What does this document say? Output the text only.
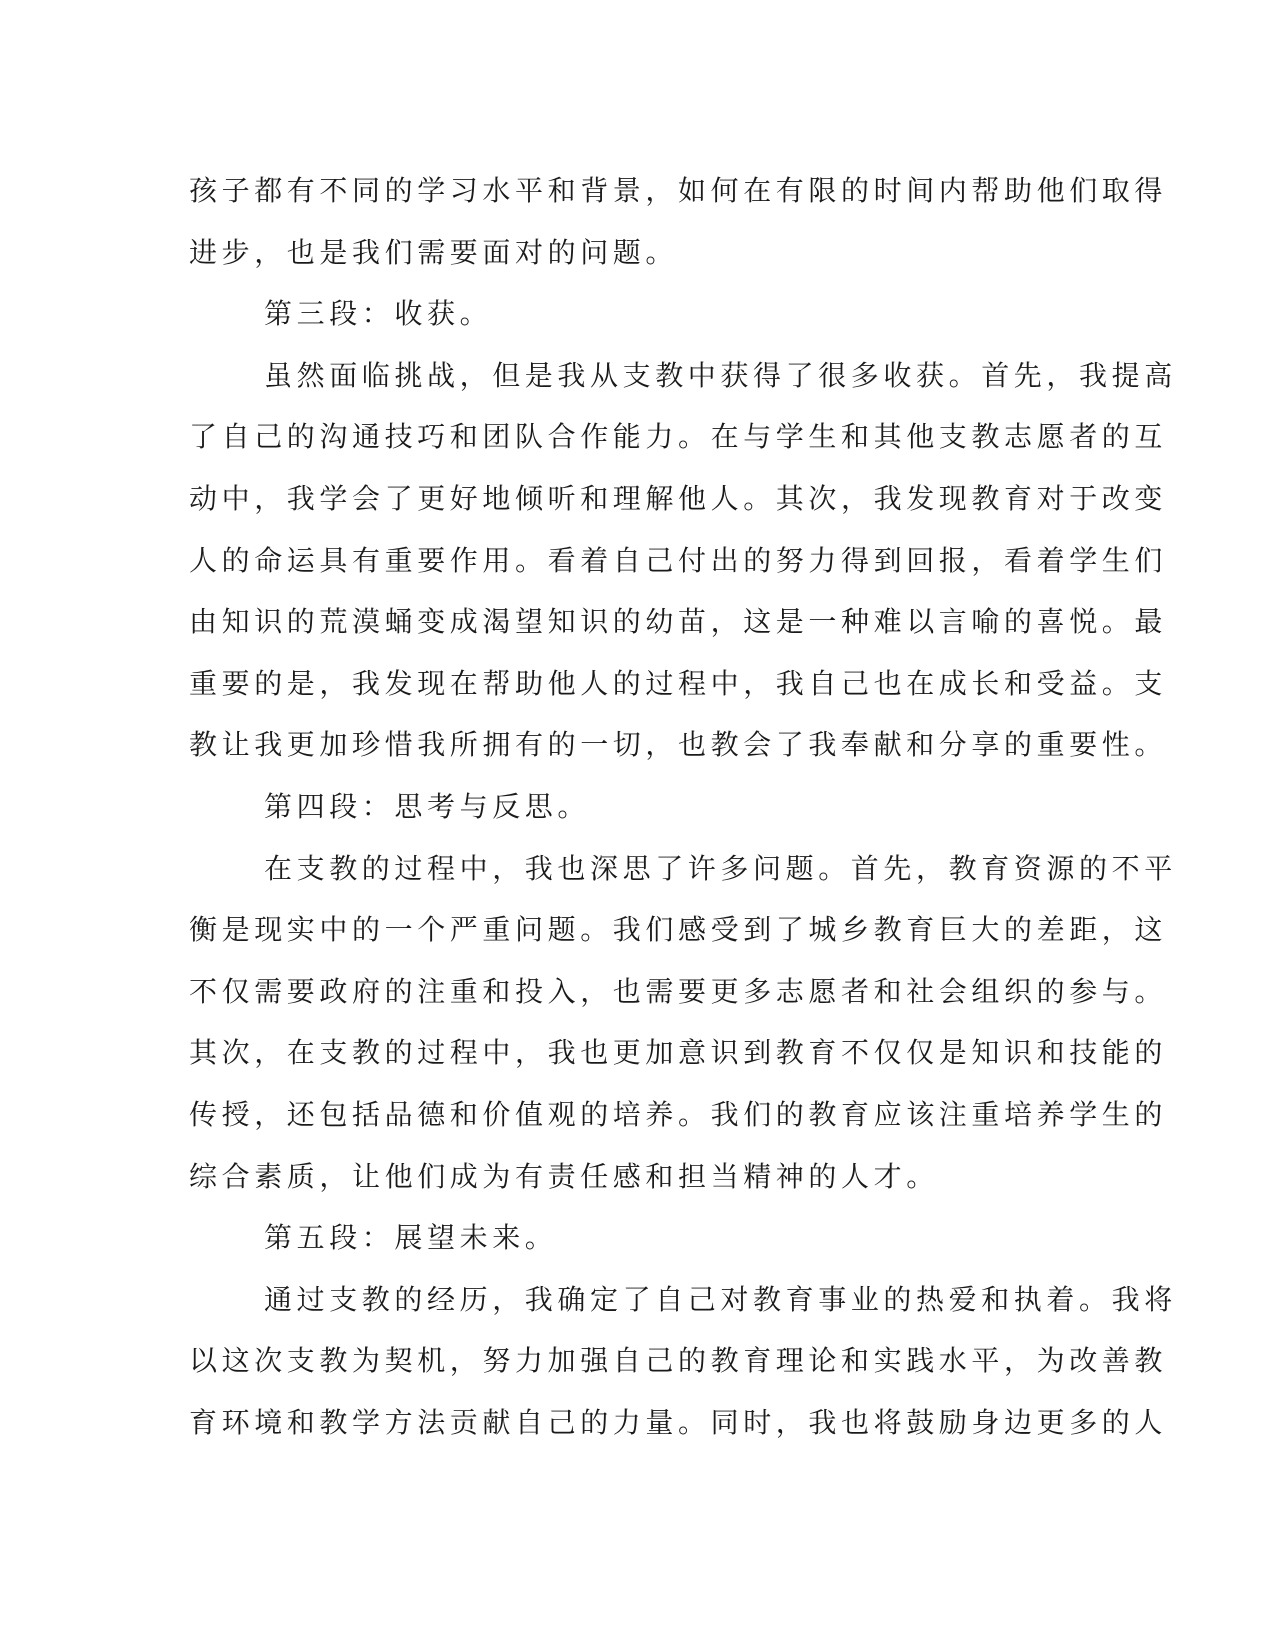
孩子都有不同的学习水平和背景，如何在有限的时间内帮助他们取得
进步，也是我们需要面对的问题。
第三段：收获。
虽然面临挑战，但是我从支教中获得了很多收获。首先，我提高
了自己的沟通技巧和团队合作能力。在与学生和其他支教志愿者的互
动中，我学会了更好地倾听和理解他人。其次，我发现教育对于改变
人的命运具有重要作用。看着自己付出的努力得到回报，看着学生们
由知识的荒漠蛹变成渴望知识的幼苗，这是一种难以言喻的喜悦。最
重要的是，我发现在帮助他人的过程中，我自己也在成长和受益。支
教让我更加珍惜我所拥有的一切，也教会了我奉献和分享的重要性。
第四段：思考与反思。
在支教的过程中，我也深思了许多问题。首先，教育资源的不平
衡是现实中的一个严重问题。我们感受到了城乡教育巨大的差距，这
不仅需要政府的注重和投入，也需要更多志愿者和社会组织的参与。
其次，在支教的过程中，我也更加意识到教育不仅仅是知识和技能的
传授，还包括品德和价值观的培养。我们的教育应该注重培养学生的
综合素质，让他们成为有责任感和担当精神的人才。
第五段：展望未来。
通过支教的经历，我确定了自己对教育事业的热爱和执着。我将
以这次支教为契机，努力加强自己的教育理论和实践水平，为改善教
育环境和教学方法贡献自己的力量。同时，我也将鼓励身边更多的人
